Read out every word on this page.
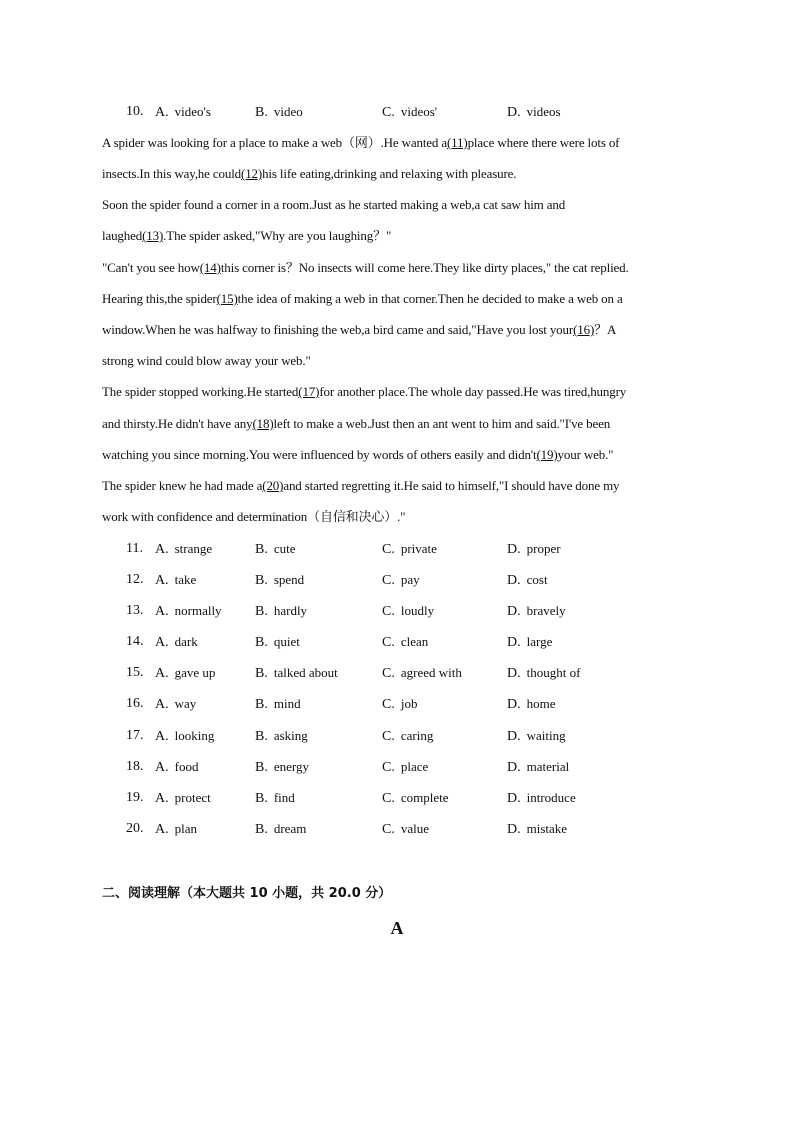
10. A. video's	B. video	C. videos'	D. videos
A spider was looking for a place to make a web（网）.He wanted a(11)place where there were lots of
insects.In this way,he could(12)his life eating,drinking and relaxing with pleasure.
Soon the spider found a corner in a room.Just as he started making a web,a cat saw him and
laughed(13).The spider asked,"Why are you laughing？"
"Can't you see how(14)this corner is？No insects will come here.They like dirty places," the cat replied.
Hearing this,the spider(15)the idea of making a web in that corner.Then he decided to make a web on a
window.When he was halfway to finishing the web,a bird came and said,"Have you lost your(16)？A
strong wind could blow away your web."
The spider stopped working.He started(17)for another place.The whole day passed.He was tired,hungry
and thirsty.He didn't have any(18)left to make a web.Just then an ant went to him and said."I've been
watching you since morning.You were influenced by words of others easily and didn't(19)your web."
The spider knew he had made a(20)and started regretting it.He said to himself,"I should have done my
work with confidence and determination（自信和决心）."
11. A. strange	B. cute	C. private	D. proper
12. A. take	B. spend	C. pay	D. cost
13. A. normally B. hardly	C. loudly	D. bravely
14. A. dark	B. quiet	C. clean	D. large
15. A. gave up	B. talked about	C. agreed with	D. thought of
16. A. way	B. mind	C. job	D. home
17. A. looking	B. asking	C. caring	D. waiting
18. A. food	B. energy	C. place	D. material
19. A. protect	B. find	C. complete	D. introduce
20. A. plan	B. dream	C. value	D. mistake
二、阅读理解（本大题共 10 小题，共 20.0 分）
A
